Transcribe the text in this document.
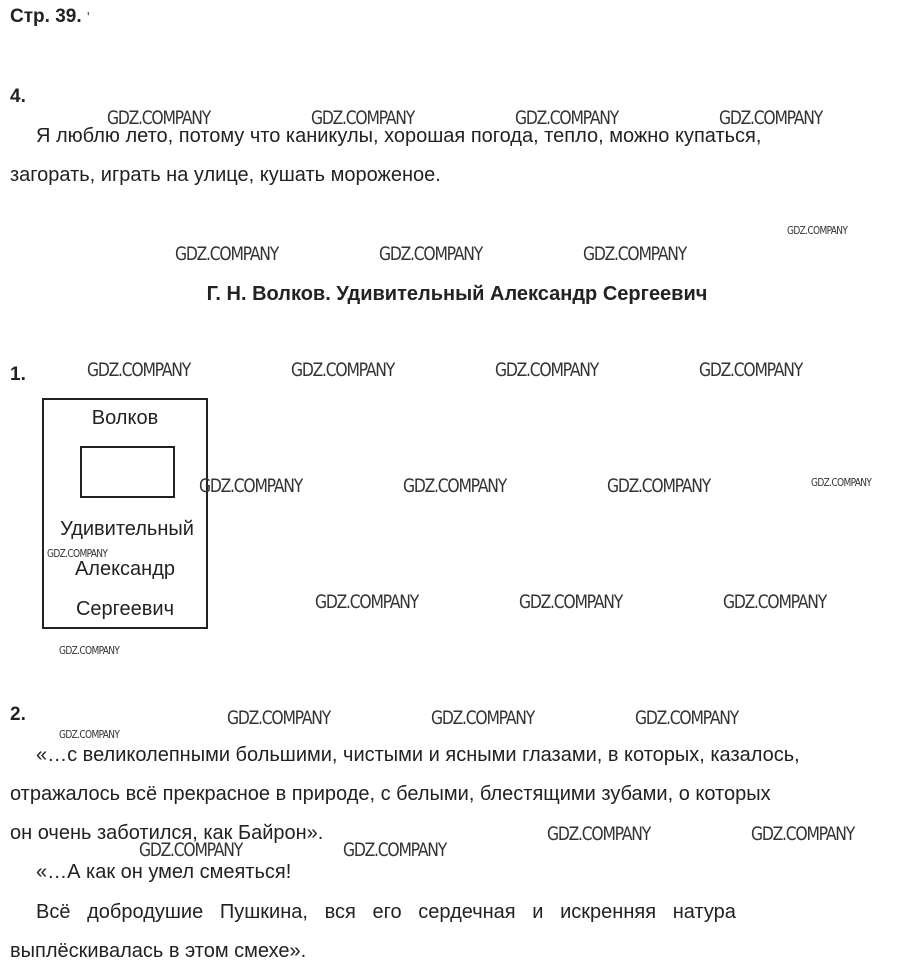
Стр. 39. '
4.
Я люблю лето, потому что каникулы, хорошая погода, тепло, можно купаться,
загорать, играть на улице, кушать мороженое.
Г. Н. Волков. Удивительный Александр Сергеевич
1.
Волков
Удивительный
Александр
Сергеевич
2.
«…с великолепными большими, чистыми и ясными глазами, в которых, казалось,
отражалось всё прекрасное в природе, с белыми, блестящими зубами, о которых
он очень заботился, как Байрон».
«…А как он умел смеяться!
Всё   добродушие   Пушкина,   вся   его   сердечная   и   искренняя   натура
выплёскивалась в этом смехе».
GDZ.COMPANY	GDZ.COMPANY	GDZ.COMPANY	GDZ.COMPANY
GDZ.COMPANY
GDZ.COMPANY	GDZ.COMPANY	GDZ.COMPANY
GDZ.COMPANY	GDZ.COMPANY	GDZ.COMPANY	GDZ.COMPANY
GDZ.COMPANY	GDZ.COMPANY	GDZ.COMPANY	GDZ.COMPANY
GDZ.COMPANY
GDZ.COMPANY	GDZ.COMPANY	GDZ.COMPANY
GDZ.COMPANY
GDZ.COMPANY	GDZ.COMPANY	GDZ.COMPANY
GDZ.COMPANY
GDZ.COMPANY	GDZ.COMPANY
GDZ.COMPANY	GDZ.COMPANY
